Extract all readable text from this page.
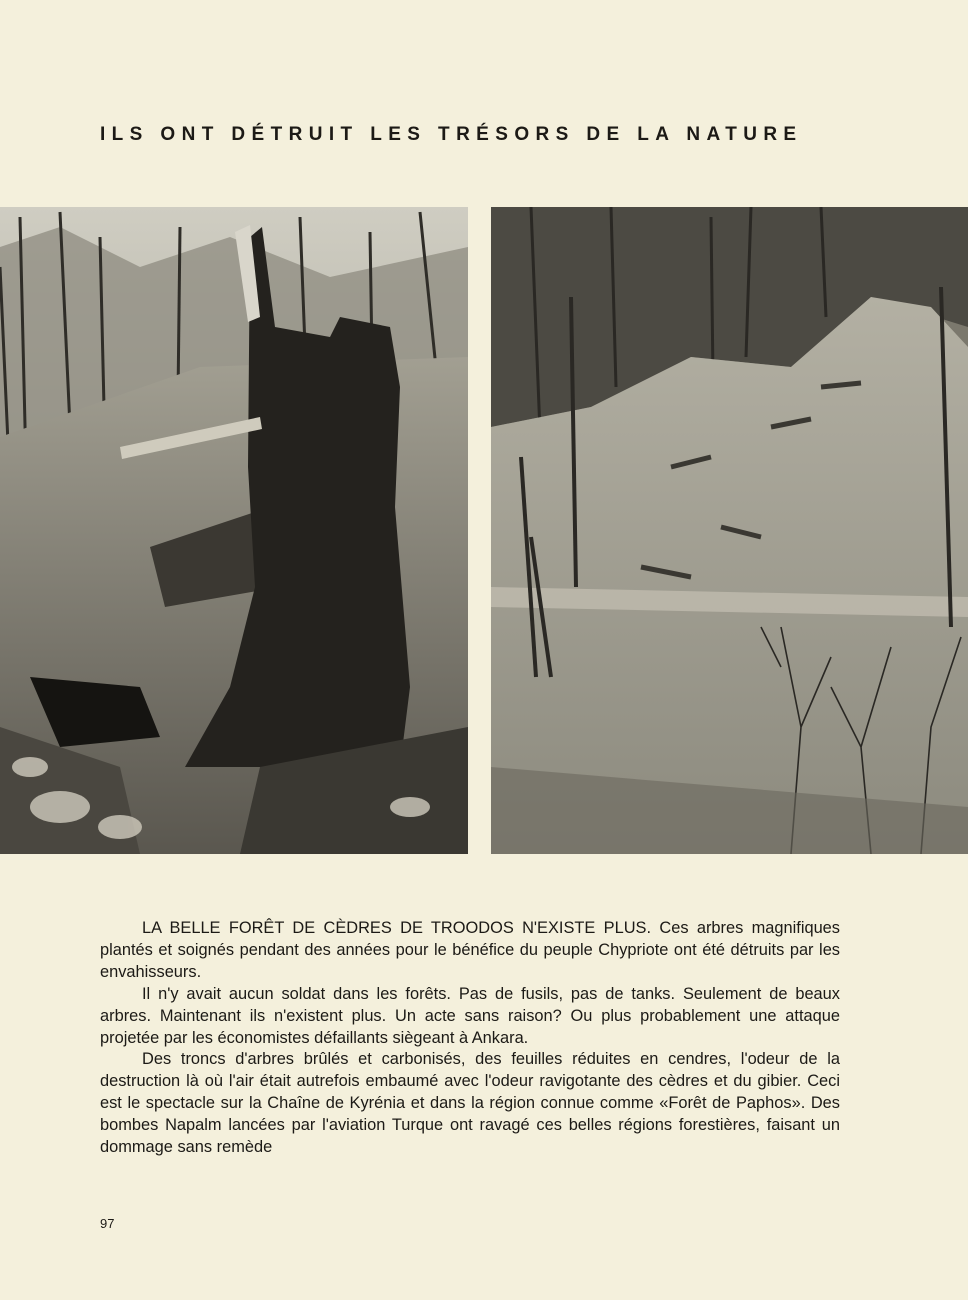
ILS ONT DÉTRUIT LES TRÉSORS DE LA NATURE

LA BELLE FORÊT DE CÈDRES DE TROODOS N'EXISTE PLUS. Ces arbres magnifiques plantés et soignés pendant des années pour le bénéfice du peuple Chypriote ont été détruits par les envahisseurs.

Il n'y avait aucun soldat dans les forêts. Pas de fusils, pas de tanks. Seulement de beaux arbres. Maintenant ils n'existent plus. Un acte sans raison? Ou plus probablement une attaque projetée par les économistes défaillants siègeant à Ankara.

Des troncs d'arbres brûlés et carbonisés, des feuilles réduites en cendres, l'odeur de la destruction là où l'air était autrefois embaumé avec l'odeur ravigotante des cèdres et du gibier. Ceci est le spectacle sur la Chaîne de Kyrénia et dans la région connue comme «Forêt de Paphos». Des bombes Napalm lancées par l'aviation Turque ont ravagé ces belles régions forestières, faisant un dommage sans remède

97
